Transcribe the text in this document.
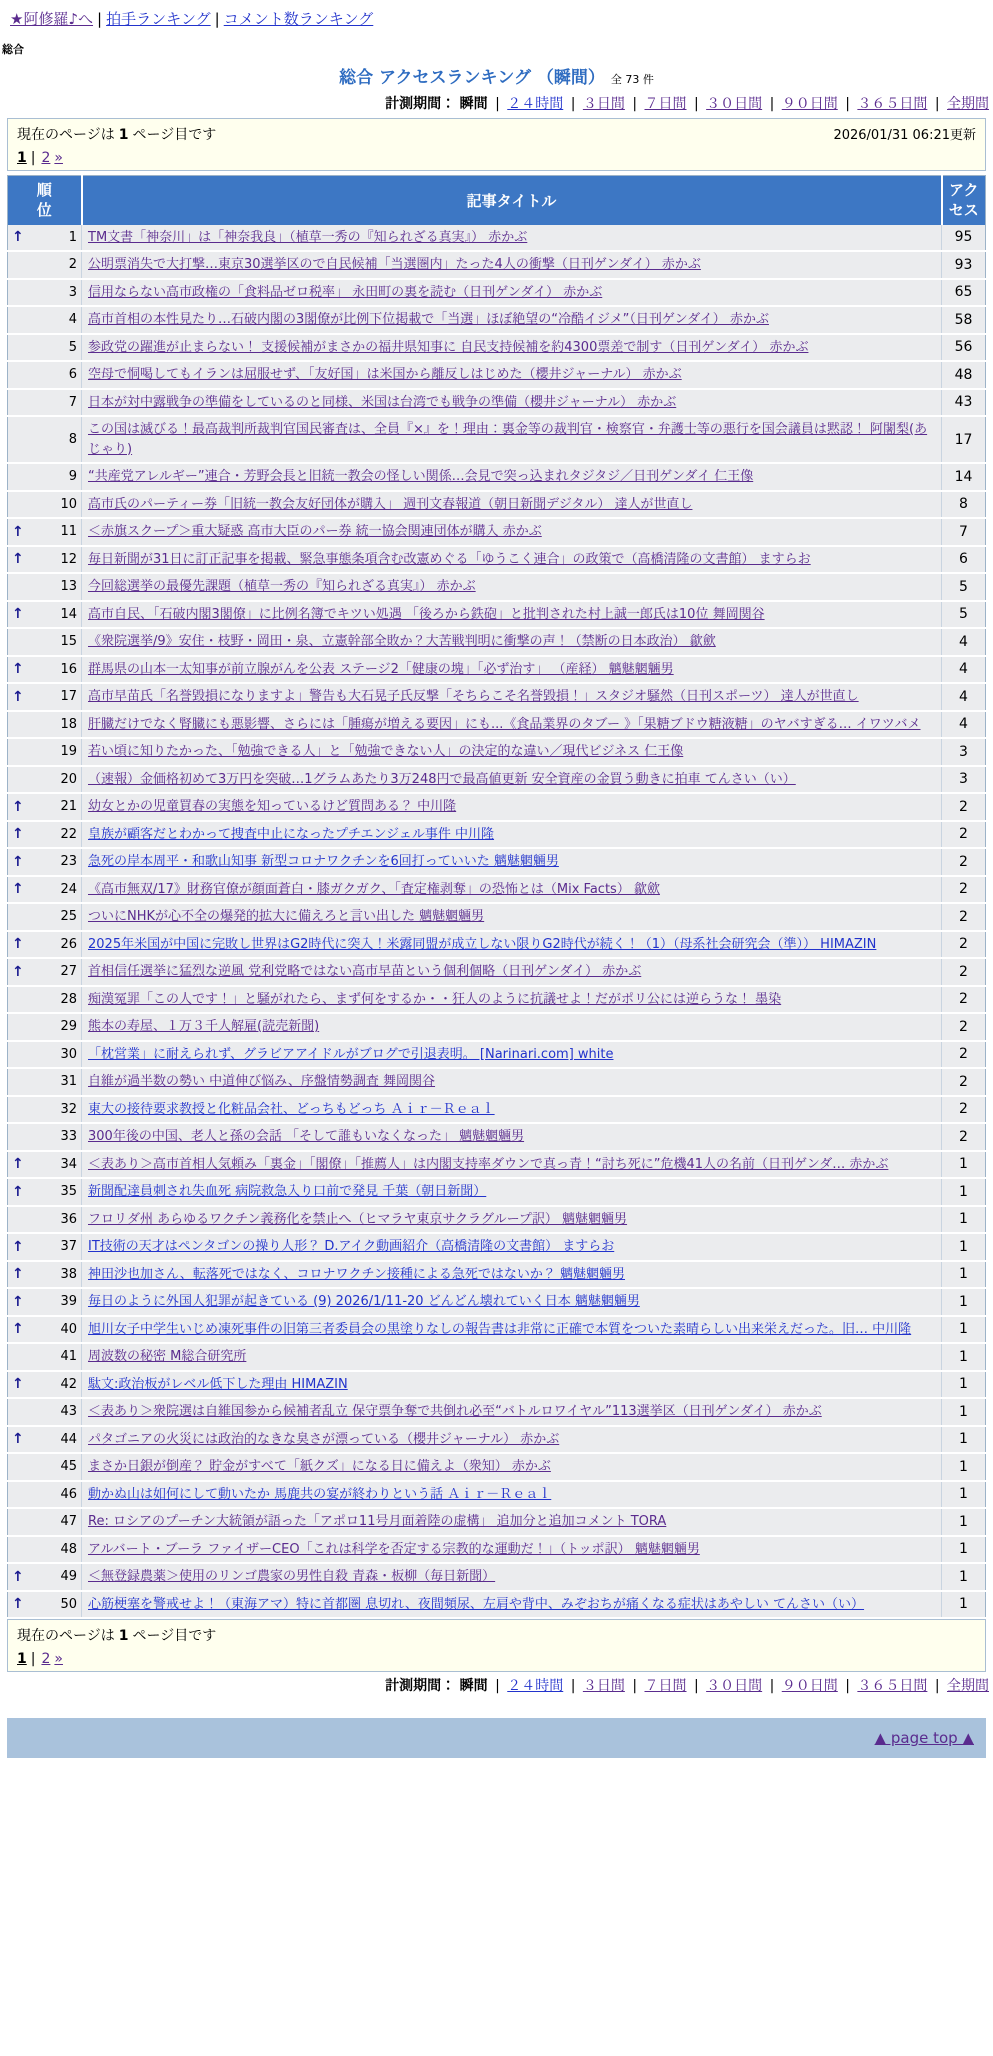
★阿修羅♪へ | 拍手ランキング | コメント数ランキング
総合
総合 アクセスランキング （瞬間） 全 73 件
計測期間： 瞬間 | ２４時間 | ３日間 | ７日間 | ３０日間 | ９０日間 | ３６５日間 | 全期間
現在のページは 1 ページ目です	2026/01/31 06:21更新
1 | 2 »
順位	記事タイトル	アクセス

↑ 1	TM文書「神奈川」は「神奈我良」（植草一秀の『知られざる真実』） 赤かぶ	95

2	公明票消失で大打撃…東京30選挙区ので自民候補「当選圏内」たった4人の衝撃（日刊ゲンダイ） 赤かぶ	93

3	信用ならない高市政権の「食料品ゼロ税率」 永田町の裏を読む（日刊ゲンダイ） 赤かぶ	65

4	高市首相の本性見たり…石破内閣の3閣僚が比例下位掲載で「当選」ほぼ絶望の“冷酷イジメ”（日刊ゲンダイ） 赤かぶ	58

5	参政党の躍進が止まらない！ 支援候補がまさかの福井県知事に 自民支持候補を約4300票差で制す（日刊ゲンダイ） 赤かぶ	56

6	空母で恫喝してもイランは屈服せず、「友好国」は米国から離反しはじめた（櫻井ジャーナル） 赤かぶ	48

7	日本が対中露戦争の準備をしているのと同様、米国は台湾でも戦争の準備（櫻井ジャーナル） 赤かぶ	43

8	この国は滅びる！最高裁判所裁判官国民審査は、全員『×』を！理由：裏金等の裁判官・検察官・弁護士等の悪行を国会議員は黙認！ 阿闍梨(あじゃり)	17

9	“共産党アレルギー”連合・芳野会長と旧統一教会の怪しい関係…会見で突っ込まれタジタジ／日刊ゲンダイ 仁王像	14

10	高市氏のパーティー券「旧統一教会友好団体が購入」 週刊文春報道（朝日新聞デジタル） 達人が世直し	8

↑ 11	＜赤旗スクープ＞重大疑惑 高市大臣のパー券 統一協会関連団体が購入 赤かぶ	7

↑ 12	毎日新聞が31日に訂正記事を掲載、緊急事態条項含む改憲めぐる「ゆうこく連合」の政策で（高橋清隆の文書館） ますらお	6

13	今回総選挙の最優先課題（植草一秀の『知られざる真実』） 赤かぶ	5

↑ 14	高市自民、「石破内閣3閣僚」に比例名簿でキツい処遇 「後ろから鉄砲」と批判された村上誠一郎氏は10位 舞岡関谷	5

15	《衆院選挙/9》安住・枝野・岡田・泉、立憲幹部全敗か？大苦戦判明に衝撃の声！（禁断の日本政治） 歙歛	4

↑ 16	群馬県の山本一太知事が前立腺がんを公表 ステージ2「健康の塊」「必ず治す」 （産経） 魑魅魍魎男	4

↑ 17	高市早苗氏「名誉毀損になりますよ」警告も大石晃子氏反撃「そちらこそ名誉毀損！」スタジオ騒然（日刊スポーツ） 達人が世直し	4

18	肝臓だけでなく腎臓にも悪影響、さらには「腫瘍が増える要因」にも...《食品業界のタブー 》「果糖ブドウ糖液糖」のヤバすぎる… イワツバメ	4

19	若い頃に知りたかった、「勉強できる人」と「勉強できない人」の決定的な違い／現代ビジネス 仁王像	3

20	（速報）金価格初めて3万円を突破…1グラムあたり3万248円で最高値更新 安全資産の金買う動きに拍車 てんさい（い）	3

↑ 21	幼女とかの児童買春の実態を知っているけど質問ある？ 中川隆	2

↑ 22	皇族が顧客だとわかって捜査中止になったプチエンジェル事件 中川隆	2

↑ 23	急死の岸本周平・和歌山知事 新型コロナワクチンを6回打っていいた 魑魅魍魎男	2

↑ 24	《高市無双/17》財務官僚が顔面蒼白・膝ガクガク、「査定権剥奪」の恐怖とは（Mix Facts） 歙歛	2

25	ついにNHKが心不全の爆発的拡大に備えろと言い出した 魑魅魍魎男	2

↑ 26	2025年米国が中国に完敗し世界はG2時代に突入！米露同盟が成立しない限りG2時代が続く！（1）（母系社会研究会（準）） HIMAZIN	2

↑ 27	首相信任選挙に猛烈な逆風 党利党略ではない高市早苗という個利個略（日刊ゲンダイ） 赤かぶ	2

28	痴漢冤罪「この人です！」と騒がれたら、まず何をするか・・狂人のように抗議せよ！だがポリ公には逆らうな！ 墨染	2

29	熊本の寿屋、１万３千人解雇(読売新聞)	2

30	「枕営業」に耐えられず、グラビアアイドルがブログで引退表明。 [Narinari.com] white	2

31	自維が過半数の勢い 中道伸び悩み、序盤情勢調査 舞岡関谷	2

32	東大の接待要求教授と化粧品会社、どっちもどっち Ａｉｒ－Ｒｅａｌ	2

33	300年後の中国、老人と孫の会話 「そして誰もいなくなった」 魑魅魍魎男	2

↑ 34	＜表あり＞高市首相人気頼み「裏金」「閣僚」「推薦人」は内閣支持率ダウンで真っ青！“討ち死に”危機41人の名前（日刊ゲンダ… 赤かぶ	1

↑ 35	新聞配達員刺され失血死 病院救急入り口前で発見 千葉（朝日新聞）	1

36	フロリダ州 あらゆるワクチン義務化を禁止へ（ヒマラヤ東京サクラグループ訳） 魑魅魍魎男	1

↑ 37	IT技術の天才はペンタゴンの操り人形？ D.アイク動画紹介（高橋清隆の文書館） ますらお	1

↑ 38	神田沙也加さん、転落死ではなく、コロナワクチン接種による急死ではないか？ 魑魅魍魎男	1

↑ 39	毎日のように外国人犯罪が起きている (9) 2026/1/11-20 どんどん壊れていく日本 魑魅魍魎男	1

↑ 40	旭川女子中学生いじめ凍死事件の旧第三者委員会の黒塗りなしの報告書は非常に正確で本質をついた素晴らしい出来栄えだった。旧… 中川隆	1

41	周波数の秘密 M総合研究所	1

↑ 42	駄文:政治板がレベル低下した理由 HIMAZIN	1

43	＜表あり＞衆院選は自維国参から候補者乱立 保守票争奪で共倒れ必至“バトルロワイヤル”113選挙区（日刊ゲンダイ） 赤かぶ	1

↑ 44	パタゴニアの火災には政治的なきな臭さが漂っている（櫻井ジャーナル） 赤かぶ	1

45	まさか日銀が倒産？ 貯金がすべて「紙クズ」になる日に備えよ（衆知） 赤かぶ	1

46	動かぬ山は如何にして動いたか 馬鹿共の宴が終わりという話 Ａｉｒ－Ｒｅａｌ	1

47	Re: ロシアのプーチン大統領が語った「アポロ11号月面着陸の虚構」 追加分と追加コメント TORA	1

48	アルバート・ブーラ ファイザーCEO「これは科学を否定する宗教的な運動だ！」（トッポ訳） 魑魅魍魎男	1

↑ 49	＜無登録農薬＞使用のリンゴ農家の男性自殺 青森・板柳（毎日新聞）	1

↑ 50	心筋梗塞を警戒せよ！（東海アマ）特に首都圏 息切れ、夜間頻尿、左肩や背中、みぞおちが痛くなる症状はあやしい てんさい（い）	1
現在のページは 1 ページ目です
1 | 2 »
計測期間： 瞬間 | ２４時間 | ３日間 | ７日間 | ３０日間 | ９０日間 | ３６５日間 | 全期間
▲ page top ▲
